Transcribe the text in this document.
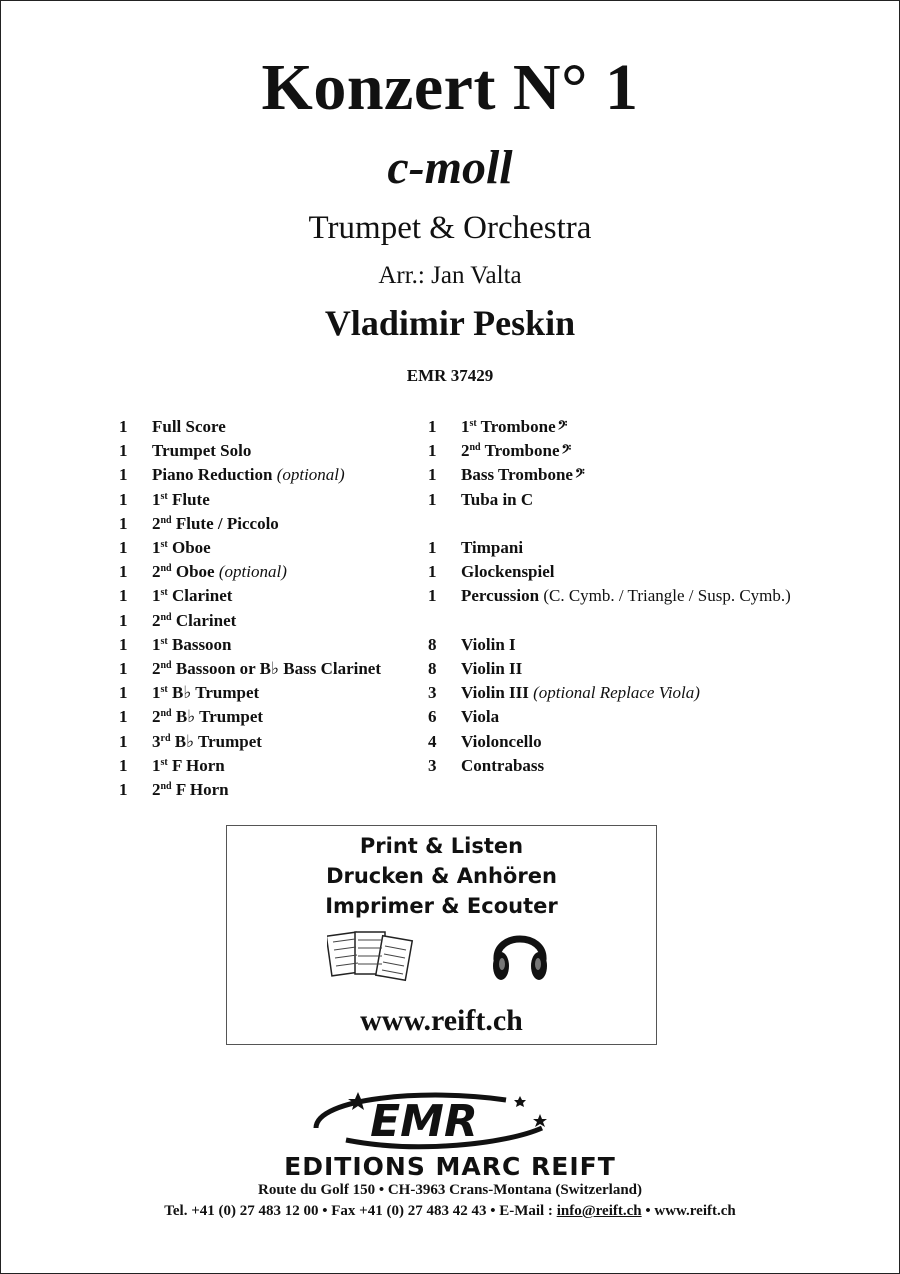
Konzert N° 1
c-moll
Trumpet & Orchestra
Arr.: Jan Valta
Vladimir Peskin
EMR 37429
1 Full Score
1 Trumpet Solo
1 Piano Reduction (optional)
1 1st Flute
1 2nd Flute / Piccolo
1 1st Oboe
1 2nd Oboe (optional)
1 1st Clarinet
1 2nd Clarinet
1 1st Bassoon
1 2nd Bassoon or B♭ Bass Clarinet
1 1st B♭ Trumpet
1 2nd B♭ Trumpet
1 3rd B♭ Trumpet
1 1st F Horn
1 2nd F Horn
1 1st Trombone 𝄢
1 2nd Trombone 𝄢
1 Bass Trombone 𝄢
1 Tuba in C
1 Timpani
1 Glockenspiel
1 Percussion (C. Cymb. / Triangle / Susp. Cymb.)
8 Violin I
8 Violin II
3 Violin III (optional Replace Viola)
6 Viola
4 Violoncello
3 Contrabass
Print & Listen
Drucken & Anhören
Imprimer & Ecouter
www.reift.ch
EMR
EDITIONS MARC REIFT
Route du Golf 150 • CH-3963 Crans-Montana (Switzerland)
Tel. +41 (0) 27 483 12 00 • Fax +41 (0) 27 483 42 43 • E-Mail : info@reift.ch • www.reift.ch
